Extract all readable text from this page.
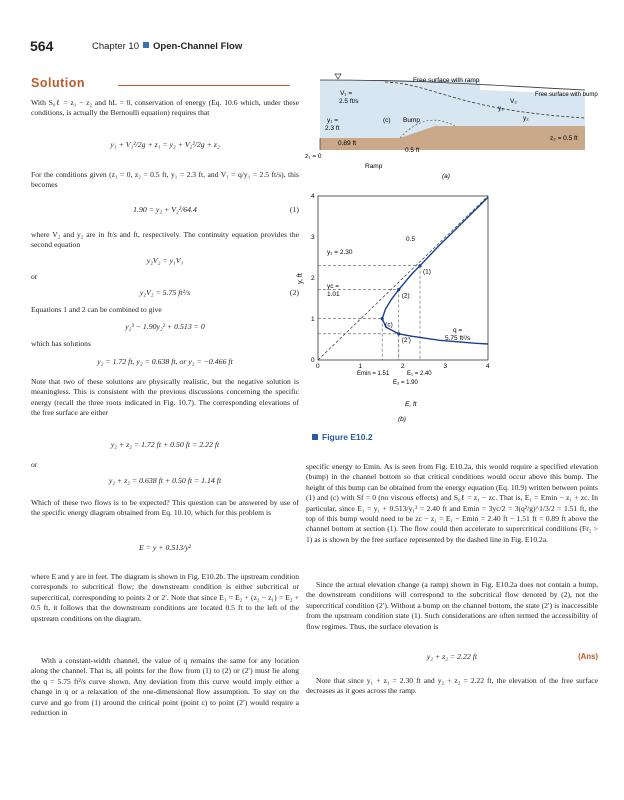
564	Chapter 10 Open-Channel Flow
Solution
With S₀ℓ = z₁ − z₂ and hL = 0, conservation of energy (Eq. 10.6 which, under these conditions, is actually the Bernoulli equation) requires that
y₁ + V₁²/2g + z₁ = y₂ + V₂²/2g + z₂
For the conditions given (z₁ = 0, z₂ = 0.5 ft, y₁ = 2.3 ft, and V₁ = q/y₁ = 2.5 ft/s), this becomes
1.90 = y₂ + V₂²/64.4	(1)
where V₂ and y₂ are in ft/s and ft, respectively. The continuity equation provides the second equation
y₂V₂ = y₁V₁
or
y₂V₂ = 5.75 ft²/s	(2)
Equations 1 and 2 can be combined to give
y₂³ − 1.90y₂² + 0.513 = 0
which has solutions
y₂ = 1.72 ft, y₂ = 0.638 ft, or y₂ = −0.466 ft
Note that two of these solutions are physically realistic, but the negative solution is meaningless. This is consistent with the previous discussions concerning the specific energy (recall the three roots indicated in Fig. 10.7). The corresponding elevations of the free surface are either
y₂ + z₂ = 1.72 ft + 0.50 ft = 2.22 ft
or
y₂ + z₂ = 0.638 ft + 0.50 ft = 1.14 ft
Which of these two flows is to be expected? This question can be answered by use of the specific energy diagram obtained from Eq. 10.10, which for this problem is
E = y + 0.513/y²
where E and y are in feet. The diagram is shown in Fig. E10.2b. The upstream condition corresponds to subcritical flow; the downstream condition is either subcritical or supercritical, corresponding to points 2 or 2′. Note that since E₁ = E₂ + (z₂ − z₁) = E₂ + 0.5 ft, it follows that the downstream conditions are located 0.5 ft to the left of the upstream conditions on the diagram.
With a constant-width channel, the value of q remains the same for any location along the channel. That is, all points for the flow from (1) to (2) or (2′) must lie along the q = 5.75 ft²/s curve shown. Any deviation from this curve would imply either a change in q or a relaxation of the one-dimensional flow assumption. To stay on the curve and go from (1) around the critical point (point c) to point (2′) would require a reduction in
Free surface with ramp
Free surface with bump
V₁ =
2.5 ft/s
y₁ =
2.3 ft
V₂
y₂
y₂
(c) Bump
0.89 ft
0.5 ft
z₁ = 0
z₂ = 0.5 ft
Ramp
(a)
0	1	2	3	4
0
1
2
3
4
y, ft
E, ft
y₁ = 2.30
yc =
1.01
0.5
(1)
(2)
(c)
(2′)
q =
5.75 ft²/s
Emin = 1.51	E₁ = 2.40
E₂ = 1.90
(b)
Figure E10.2
specific energy to Emin. As is seen from Fig. E10.2a, this would require a specified elevation (bump) in the channel bottom so that critical conditions would occur above this bump. The height of this bump can be obtained from the energy equation (Eq. 10.9) written between points (1) and (c) with Sf = 0 (no viscous effects) and S₀ℓ = z₁ − zc. That is, E₁ = Emin − z₁ + zc. In particular, since E₁ = y₁ + 0.513/y₁² = 2.40 ft and Emin = 3yc/2 = 3(q²/g)^1/3/2 = 1.51 ft, the top of this bump would need to be zc − z₁ = E₁ − Emin = 2.40 ft − 1.51 ft = 0.89 ft above the channel bottom at section (1). The flow could then accelerate to supercritical conditions (Fr₂ > 1) as is shown by the free surface represented by the dashed line in Fig. E10.2a.
Since the actual elevation change (a ramp) shown in Fig. E10.2a does not contain a bump, the downstream conditions will correspond to the subcritical flow denoted by (2), not the supercritical condition (2′). Without a bump on the channel bottom, the state (2′) is inaccessible from the upstream condition state (1). Such considerations are often termed the accessibility of flow regimes. Thus, the surface elevation is
y₂ + z₂ = 2.22 ft	(Ans)
Note that since y₁ + z₁ = 2.30 ft and y₂ + z₂ = 2.22 ft, the elevation of the free surface decreases as it goes across the ramp.
